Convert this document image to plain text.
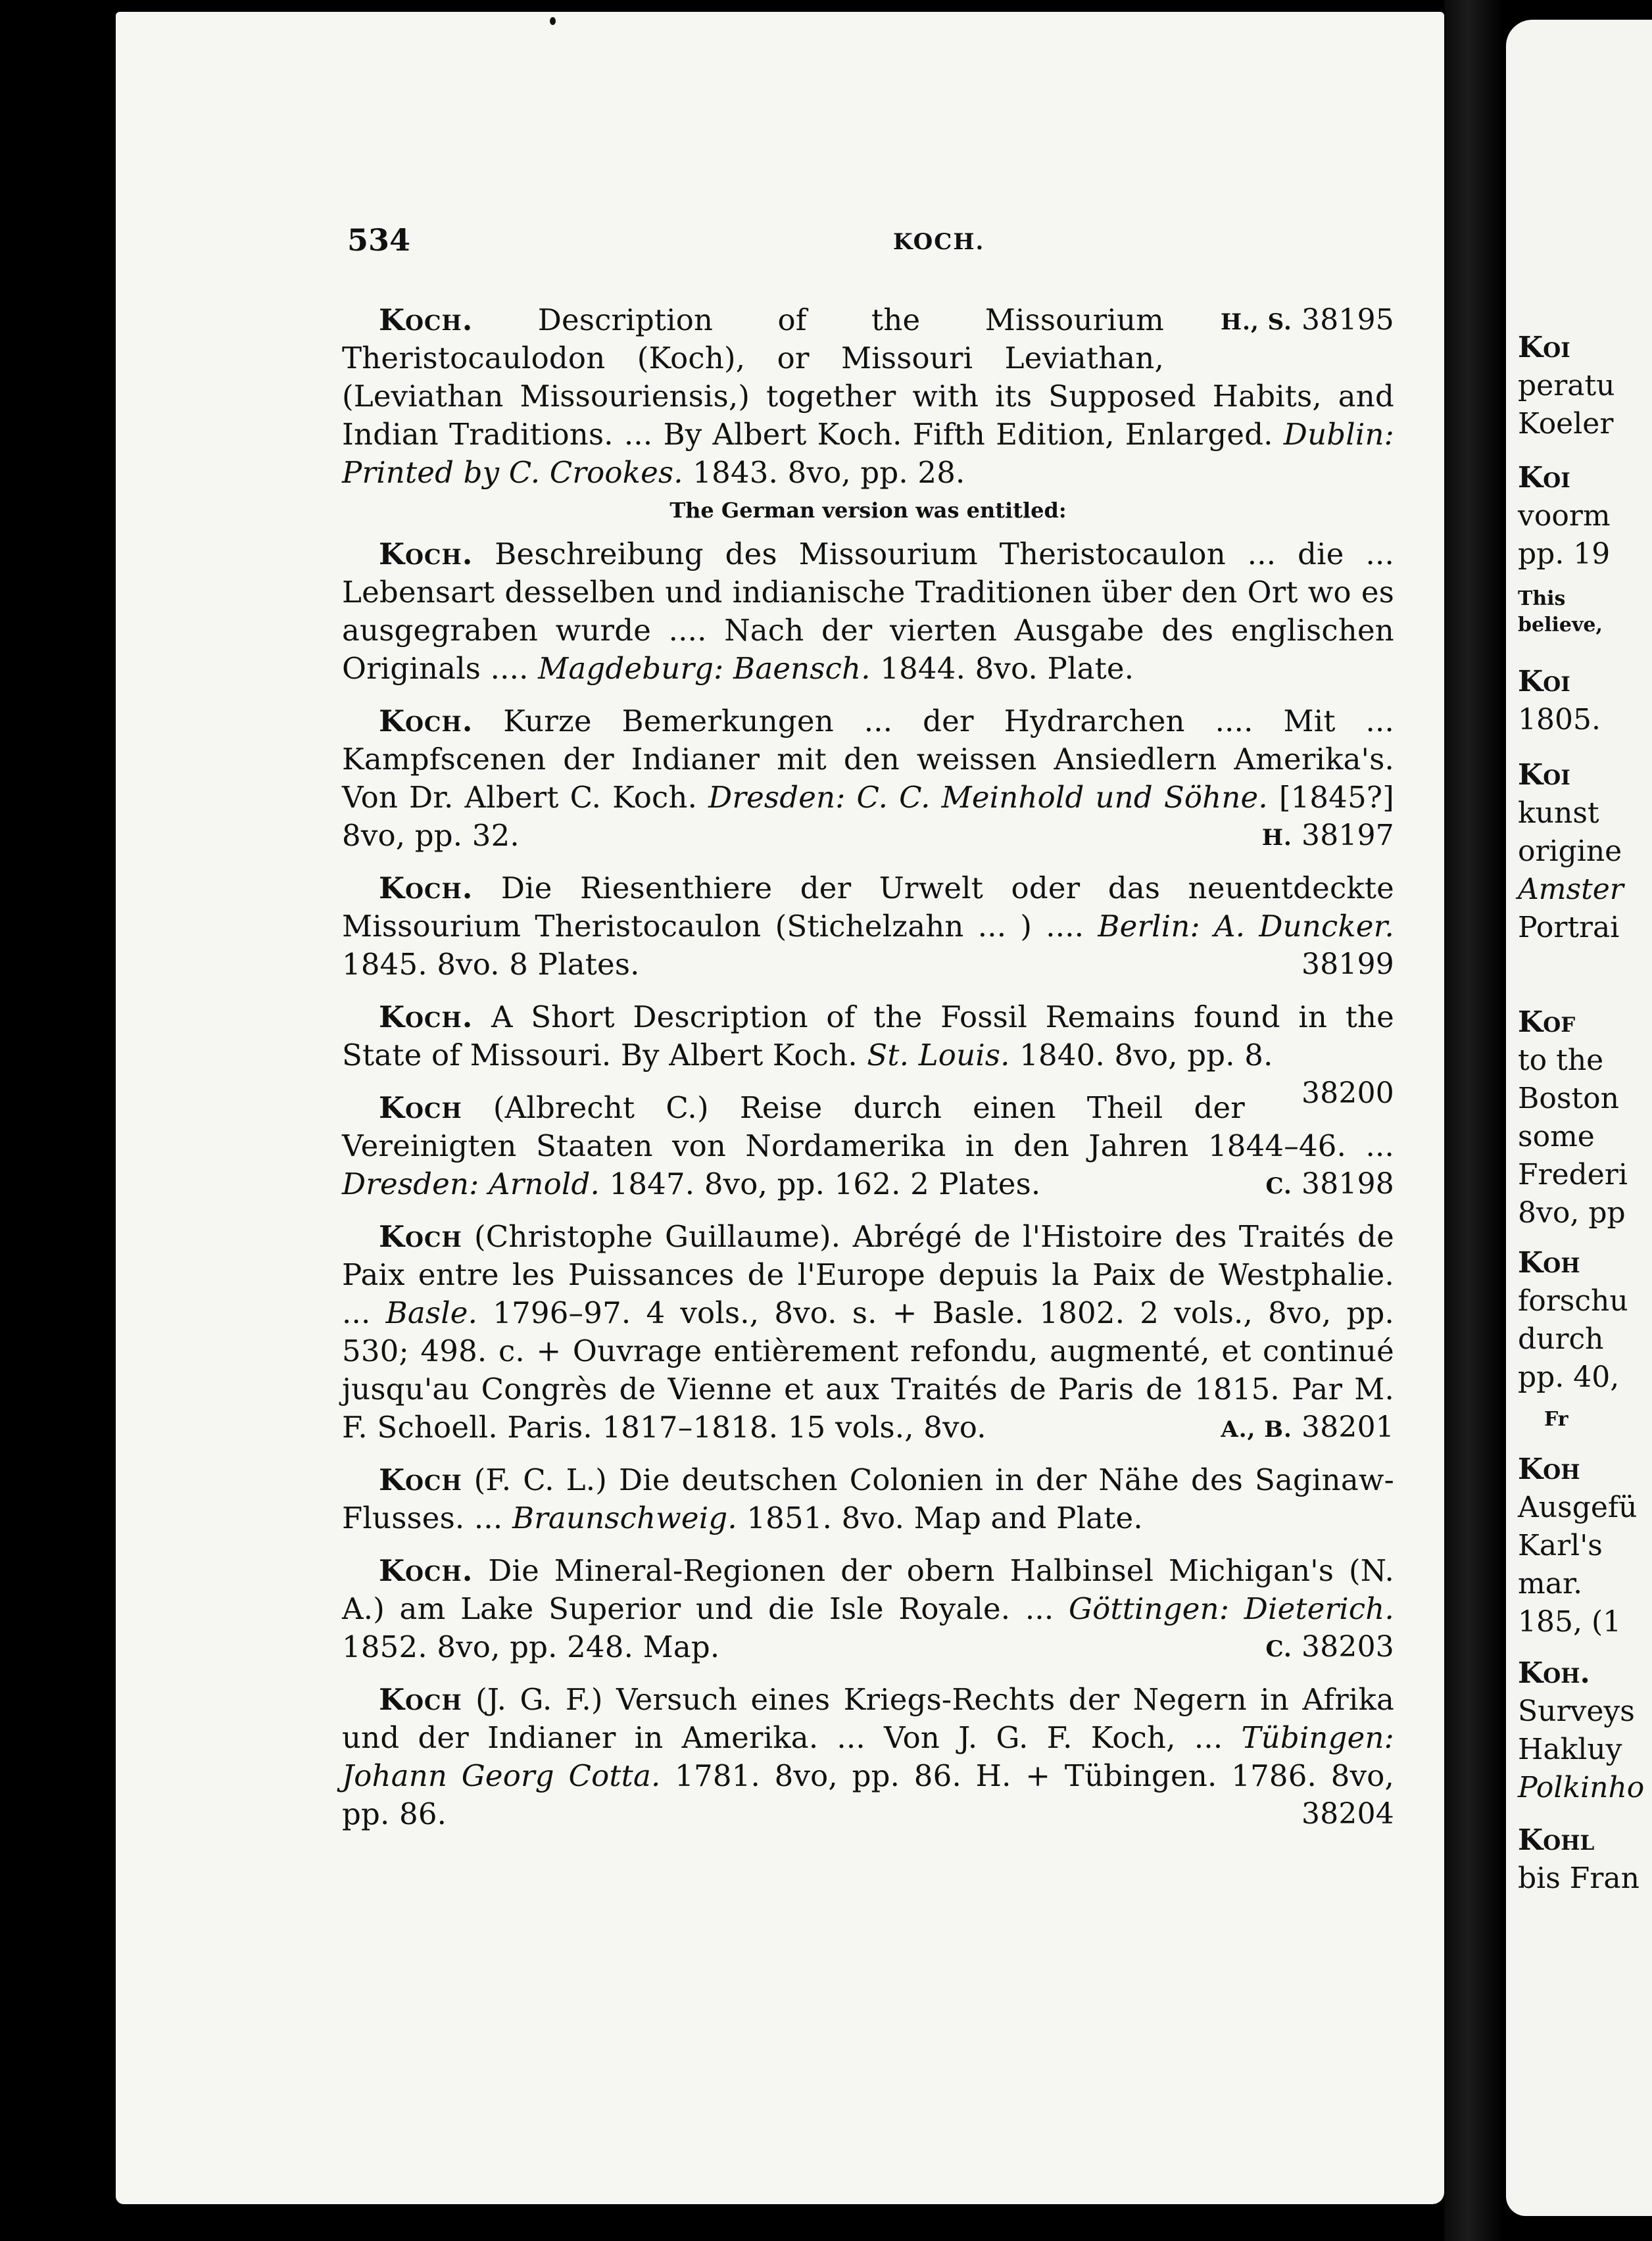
534	KOCH.

H., S. 38195
Koch. Description of the Missourium Theristocaulodon (Koch), or Missouri Leviathan, (Leviathan Missouriensis,) together with its Supposed Habits, and Indian Traditions. ... By Albert Koch. Fifth Edition, Enlarged. Dublin: Printed by C. Crookes. 1843. 8vo, pp. 28.

The German version was entitled:

Koch. Beschreibung des Missourium Theristocaulon ... die ... Lebensart desselben und indianische Traditionen über den Ort wo es ausgegraben wurde .... Nach der vierten Ausgabe des englischen Originals .... Magdeburg: Baensch. 1844. 8vo. Plate.

Koch. Kurze Bemerkungen ... der Hydrarchen .... Mit ... Kampfscenen der Indianer mit den weissen Ansiedlern Amerika's. Von Dr. Albert C. Koch. Dresden: C. C. Meinhold und Söhne. [1845?] 8vo, pp. 32.	H. 38197

Koch. Die Riesenthiere der Urwelt oder das neuentdeckte Missourium Theristocaulon (Stichelzahn ... ) .... Berlin: A. Duncker. 1845. 8vo. 8 Plates.	38199

Koch. A Short Description of the Fossil Remains found in the State of Missouri. By Albert Koch. St. Louis. 1840. 8vo, pp. 8.
38200

Koch (Albrecht C.) Reise durch einen Theil der Vereinigten Staaten von Nordamerika in den Jahren 1844–46. ... Dresden: Arnold. 1847. 8vo, pp. 162. 2 Plates.	C. 38198

Koch (Christophe Guillaume). Abrégé de l'Histoire des Traités de Paix entre les Puissances de l'Europe depuis la Paix de Westphalie. ... Basle. 1796–97. 4 vols., 8vo. s. + Basle. 1802. 2 vols., 8vo, pp. 530; 498. c. + Ouvrage entièrement refondu, augmenté, et continué jusqu'au Congrès de Vienne et aux Traités de Paris de 1815. Par M. F. Schoell. Paris. 1817–1818. 15 vols., 8vo.	A., B. 38201

Koch (F. C. L.) Die deutschen Colonien in der Nähe des Saginaw-Flusses. ... Braunschweig. 1851. 8vo. Map and Plate.

Koch. Die Mineral-Regionen der obern Halbinsel Michigan's (N. A.) am Lake Superior und die Isle Royale. ... Göttingen: Dieterich. 1852. 8vo, pp. 248. Map.	C. 38203

Koch (J. G. F.) Versuch eines Kriegs-Rechts der Negern in Afrika und der Indianer in Amerika. ... Von J. G. F. Koch, ... Tübingen: Johann Georg Cotta. 1781. 8vo, pp. 86. H. + Tübingen. 1786. 8vo, pp. 86.	38204

Koı
peratu
Koeler
Koı
voorm
pp. 19
This
believe,
Koı
1805.
Koı
kunst
origine
Amster
Portrai
Kof
to the
Boston
some
Frederi
8vo, pp
Koh
forschu
durch
pp. 40,
Fr
Koh
Ausgefü
Karl's
mar.
185, (1
Koh.
Surveys
Hakluy
Polkinho
Kohl
bis Fran
